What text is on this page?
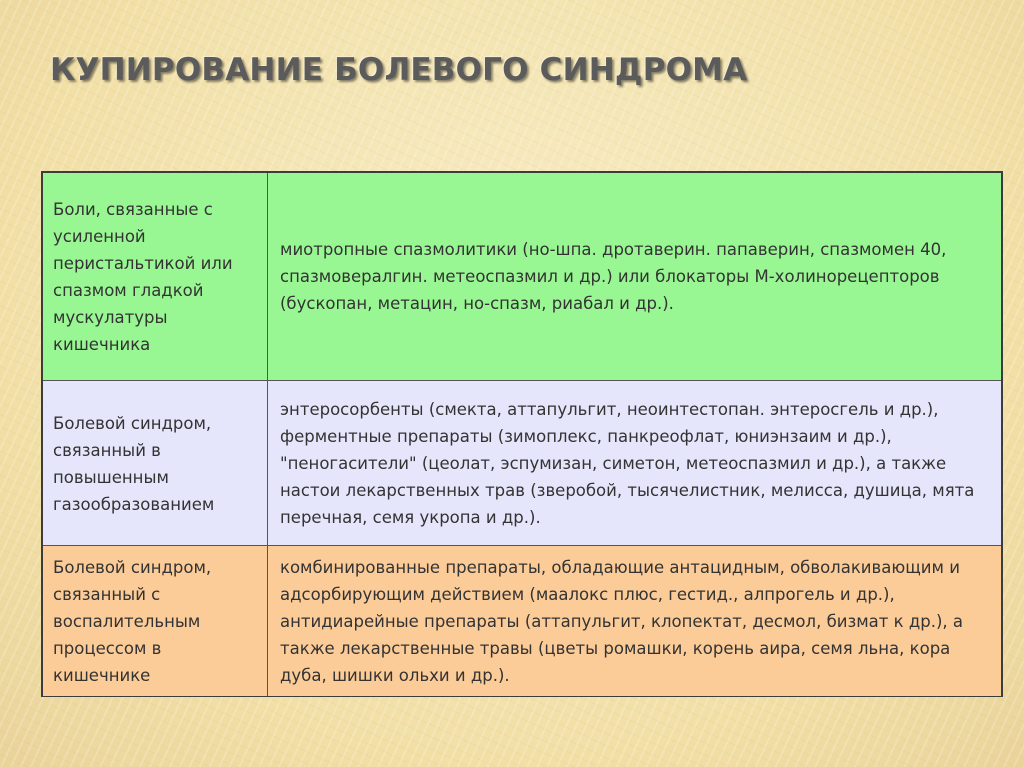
КУПИРОВАНИЕ БОЛЕВОГО СИНДРОМА
Боли, связанные с усиленной перистальтикой или спазмом гладкой мускулатуры кишечника
миотропные спазмолитики (но-шпа. дротаверин. папаверин, спазмомен 40, спазмовералгин. метеоспазмил и др.) или блокаторы М-холинорецепторов (бускопан, метацин, но-спазм, риабал и др.).
Болевой синдром, связанный в повышенным газообразованием
энтеросорбенты (смекта, аттапульгит, неоинтестопан. энтеросгель и др.), ферментные препараты (зимоплекс, панкреофлат, юниэнзаим и др.), "пеногасители" (цеолат, эспумизан, симетон, метеоспазмил и др.), а также настои лекарственных трав (зверобой, тысячелистник, мелисса, душица, мята перечная, семя укропа и др.).
Болевой синдром, связанный с воспалительным процессом в кишечнике
комбинированные препараты, обладающие антацидным, обволакивающим и адсорбирующим действием (маалокс плюс, гестид., алпрогель и др.), антидиарейные препараты (аттапульгит, клопектат, десмол, бизмат к др.), а также лекарственные травы (цветы ромашки, корень аира, семя льна, кора дуба, шишки ольхи и др.).
